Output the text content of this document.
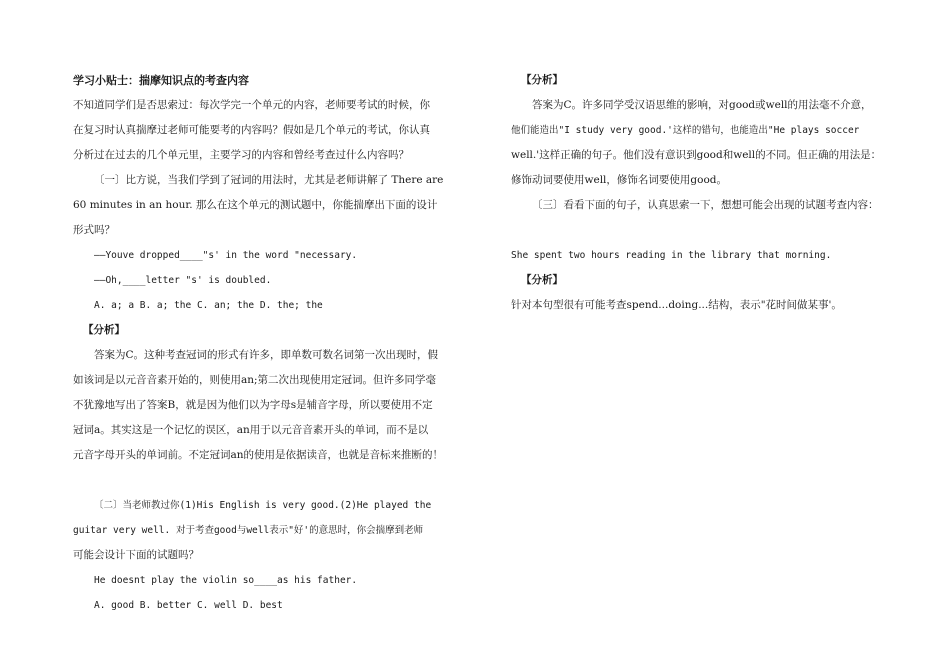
学习小贴士：揣摩知识点的考查内容
不知道同学们是否思索过：每次学完一个单元的内容，老师要考试的时候，你
在复习时认真揣摩过老师可能要考的内容吗？假如是几个单元的考试，你认真
分析过在过去的几个单元里，主要学习的内容和曾经考查过什么内容吗？
〔一〕比方说，当我们学到了冠词的用法时，尤其是老师讲解了 There are
60 minutes in an hour. 那么在这个单元的测试题中，你能揣摩出下面的设计
形式吗？
——Youve dropped____"s' in the word "necessary.
——Oh,____letter "s' is doubled.
A. a; a B. a; the C. an; the D. the; the
【分析】
答案为C。这种考查冠词的形式有许多，即单数可数名词第一次出现时，假
如该词是以元音音素开始的，则使用an;第二次出现使用定冠词。但许多同学毫
不犹豫地写出了答案B，就是因为他们以为字母s是辅音字母，所以要使用不定
冠词a。其实这是一个记忆的误区，an用于以元音音素开头的单词，而不是以
元音字母开头的单词前。不定冠词an的使用是依据读音，也就是音标来推断的！
〔二〕当老师教过你(1)His English is very good.(2)He played the
guitar very well. 对于考查good与well表示"好'的意思时，你会揣摩到老师
可能会设计下面的试题吗？
He doesnt play the violin so____as his father.
A. good B. better C. well D. best
【分析】
答案为C。许多同学受汉语思维的影响，对good或well的用法毫不介意，
他们能造出"I study very good.'这样的错句，也能造出"He plays soccer
well.'这样正确的句子。他们没有意识到good和well的不同。但正确的用法是：
修饰动词要使用well，修饰名词要使用good。
〔三〕看看下面的句子，认真思索一下，想想可能会出现的试题考查内容：
She spent two hours reading in the library that morning.
【分析】
针对本句型很有可能考查spend...doing...结构，表示"花时间做某事'。
